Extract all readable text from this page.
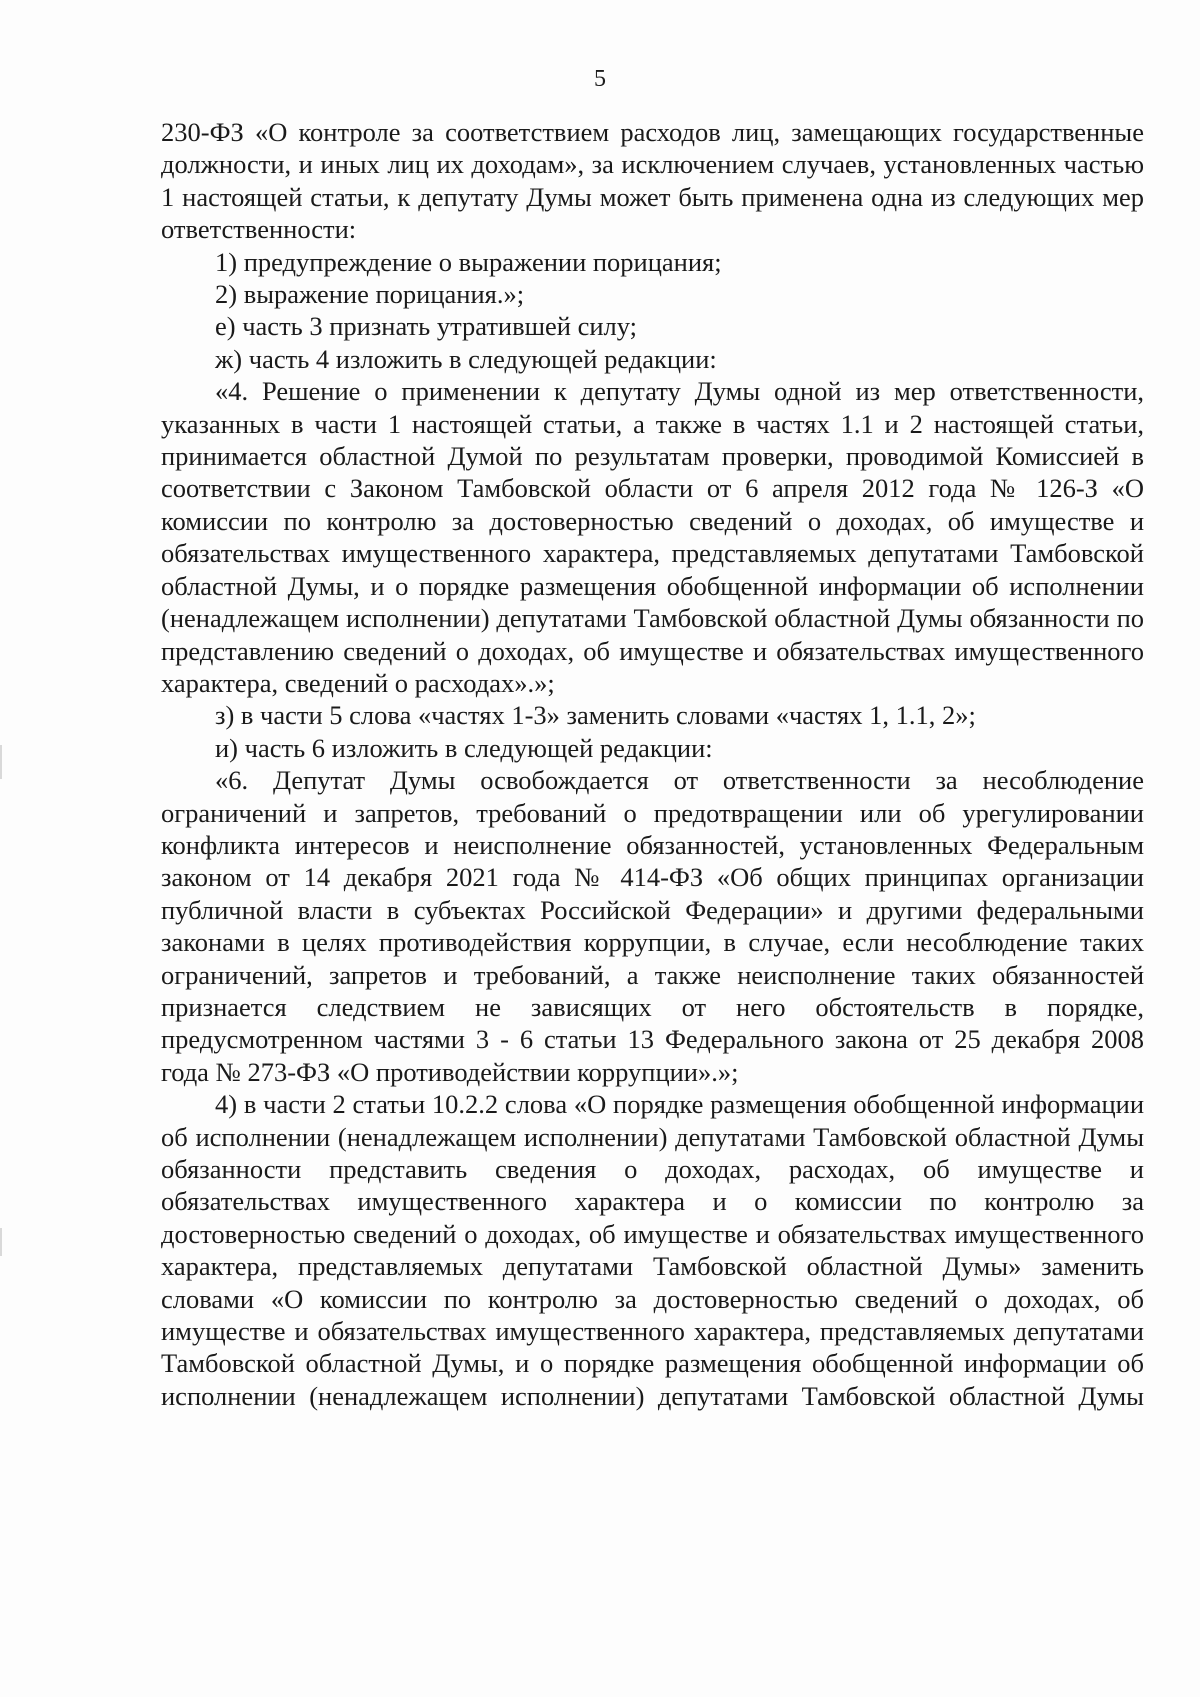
5

230-ФЗ «О контроле за соответствием расходов лиц, замещающих государственные должности, и иных лиц их доходам», за исключением случаев, установленных частью 1 настоящей статьи, к депутату Думы может быть применена одна из следующих мер ответственности:

1) предупреждение о выражении порицания;

2) выражение порицания.»;

е) часть 3 признать утратившей силу;

ж) часть 4 изложить в следующей редакции:

«4. Решение о применении к депутату Думы одной из мер ответственности, указанных в части 1 настоящей статьи, а также в частях 1.1 и 2 настоящей статьи, принимается областной Думой по результатам проверки, проводимой Комиссией в соответствии с Законом Тамбовской области от 6 апреля 2012 года № 126-З «О комиссии по контролю за достоверностью сведений о доходах, об имуществе и обязательствах имущественного характера, представляемых депутатами Тамбовской областной Думы, и о порядке размещения обобщенной информации об исполнении (ненадлежащем исполнении) депутатами Тамбовской областной Думы обязанности по представлению сведений о доходах, об имуществе и обязательствах имущественного характера, сведений о расходах».»;

з) в части 5 слова «частях 1-3» заменить словами «частях 1, 1.1, 2»;

и) часть 6 изложить в следующей редакции:

«6. Депутат Думы освобождается от ответственности за несоблюдение ограничений и запретов, требований о предотвращении или об урегулировании конфликта интересов и неисполнение обязанностей, установленных Федеральным законом от 14 декабря 2021 года № 414-ФЗ «Об общих принципах организации публичной власти в субъектах Российской Федерации» и другими федеральными законами в целях противодействия коррупции, в случае, если несоблюдение таких ограничений, запретов и требований, а также неисполнение таких обязанностей признается следствием не зависящих от него обстоятельств в порядке, предусмотренном частями 3 - 6 статьи 13 Федерального закона от 25 декабря 2008 года № 273-ФЗ «О противодействии коррупции».»;

4) в части 2 статьи 10.2.2 слова «О порядке размещения обобщенной информации об исполнении (ненадлежащем исполнении) депутатами Тамбовской областной Думы обязанности представить сведения о доходах, расходах, об имуществе и обязательствах имущественного характера и о комиссии по контролю за достоверностью сведений о доходах, об имуществе и обязательствах имущественного характера, представляемых депутатами Тамбовской областной Думы» заменить словами «О комиссии по контролю за достоверностью сведений о доходах, об имуществе и обязательствах имущественного характера, представляемых депутатами Тамбовской областной Думы, и о порядке размещения обобщенной информации об исполнении (ненадлежащем исполнении) депутатами Тамбовской областной Думы
